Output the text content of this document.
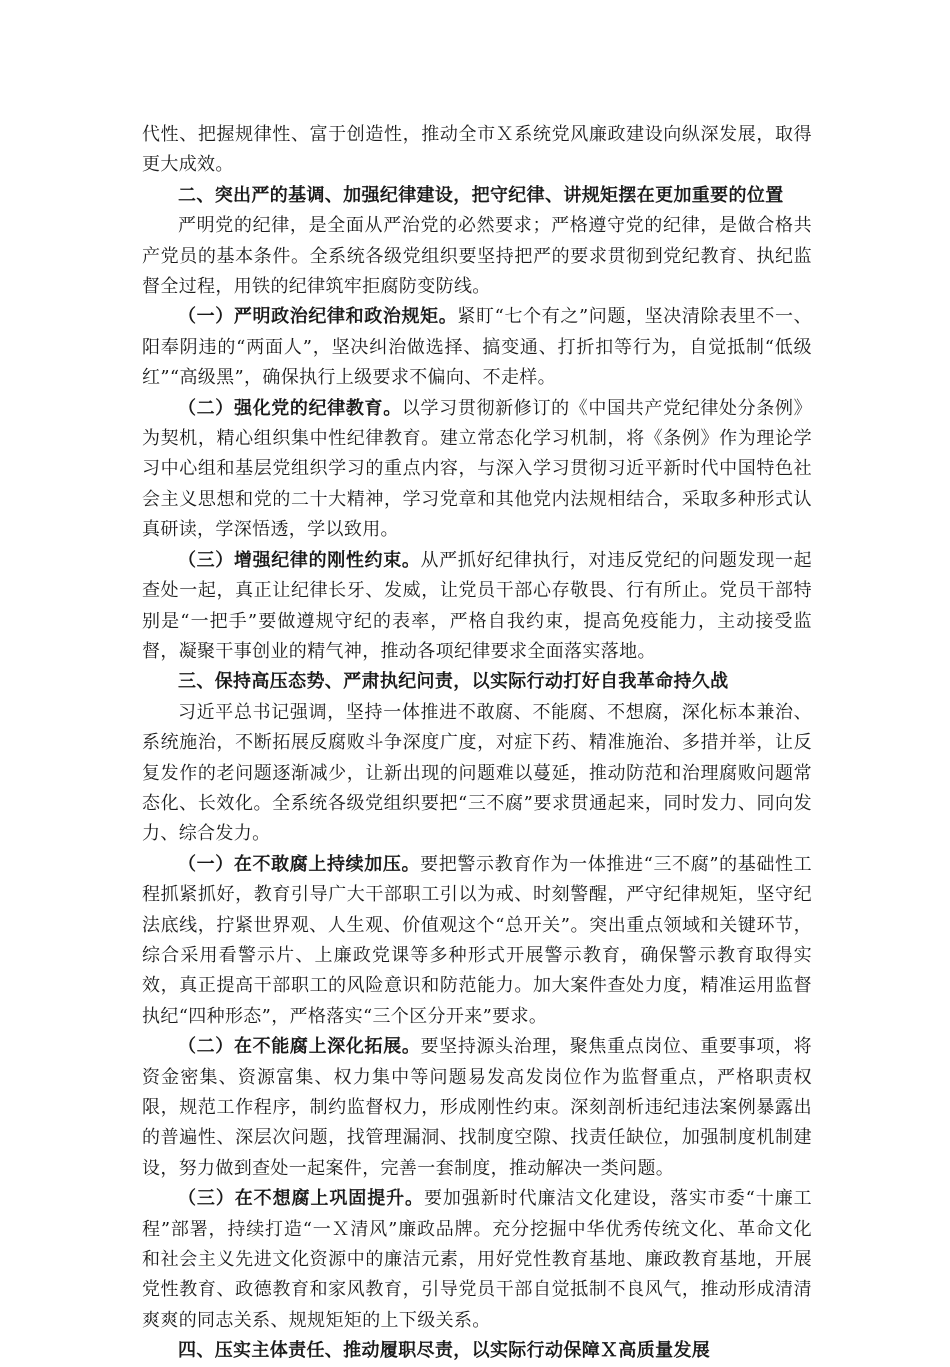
代性、把握规律性、富于创造性，推动全市Ｘ系统党风廉政建设向纵深发展，取得更大成效。

二、突出严的基调、加强纪律建设，把守纪律、讲规矩摆在更加重要的位置

严明党的纪律，是全面从严治党的必然要求；严格遵守党的纪律，是做合格共产党员的基本条件。全系统各级党组织要坚持把严的要求贯彻到党纪教育、执纪监督全过程，用铁的纪律筑牢拒腐防变防线。

（一）严明政治纪律和政治规矩。紧盯“七个有之”问题，坚决清除表里不一、阳奉阴违的“两面人”，坚决纠治做选择、搞变通、打折扣等行为，自觉抵制“低级红”“高级黑”，确保执行上级要求不偏向、不走样。

（二）强化党的纪律教育。以学习贯彻新修订的《中国共产党纪律处分条例》为契机，精心组织集中性纪律教育。建立常态化学习机制，将《条例》作为理论学习中心组和基层党组织学习的重点内容，与深入学习贯彻习近平新时代中国特色社会主义思想和党的二十大精神，学习党章和其他党内法规相结合，采取多种形式认真研读，学深悟透，学以致用。

（三）增强纪律的刚性约束。从严抓好纪律执行，对违反党纪的问题发现一起查处一起，真正让纪律长牙、发威，让党员干部心存敬畏、行有所止。党员干部特别是“一把手”要做遵规守纪的表率，严格自我约束，提高免疫能力，主动接受监督，凝聚干事创业的精气神，推动各项纪律要求全面落实落地。

三、保持高压态势、严肃执纪问责，以实际行动打好自我革命持久战

习近平总书记强调，坚持一体推进不敢腐、不能腐、不想腐，深化标本兼治、系统施治，不断拓展反腐败斗争深度广度，对症下药、精准施治、多措并举，让反复发作的老问题逐渐减少，让新出现的问题难以蔓延，推动防范和治理腐败问题常态化、长效化。全系统各级党组织要把“三不腐”要求贯通起来，同时发力、同向发力、综合发力。

（一）在不敢腐上持续加压。要把警示教育作为一体推进“三不腐”的基础性工程抓紧抓好，教育引导广大干部职工引以为戒、时刻警醒，严守纪律规矩，坚守纪法底线，拧紧世界观、人生观、价值观这个“总开关”。突出重点领域和关键环节，综合采用看警示片、上廉政党课等多种形式开展警示教育，确保警示教育取得实效，真正提高干部职工的风险意识和防范能力。加大案件查处力度，精准运用监督执纪“四种形态”，严格落实“三个区分开来”要求。

（二）在不能腐上深化拓展。要坚持源头治理，聚焦重点岗位、重要事项，将资金密集、资源富集、权力集中等问题易发高发岗位作为监督重点，严格职责权限，规范工作程序，制约监督权力，形成刚性约束。深刻剖析违纪违法案例暴露出的普遍性、深层次问题，找管理漏洞、找制度空隙、找责任缺位，加强制度机制建设，努力做到查处一起案件，完善一套制度，推动解决一类问题。

（三）在不想腐上巩固提升。要加强新时代廉洁文化建设，落实市委“十廉工程”部署，持续打造“一Ｘ清风”廉政品牌。充分挖掘中华优秀传统文化、革命文化和社会主义先进文化资源中的廉洁元素，用好党性教育基地、廉政教育基地，开展党性教育、政德教育和家风教育，引导党员干部自觉抵制不良风气，推动形成清清爽爽的同志关系、规规矩矩的上下级关系。

四、压实主体责任、推动履职尽责，以实际行动保障Ｘ高质量发展
